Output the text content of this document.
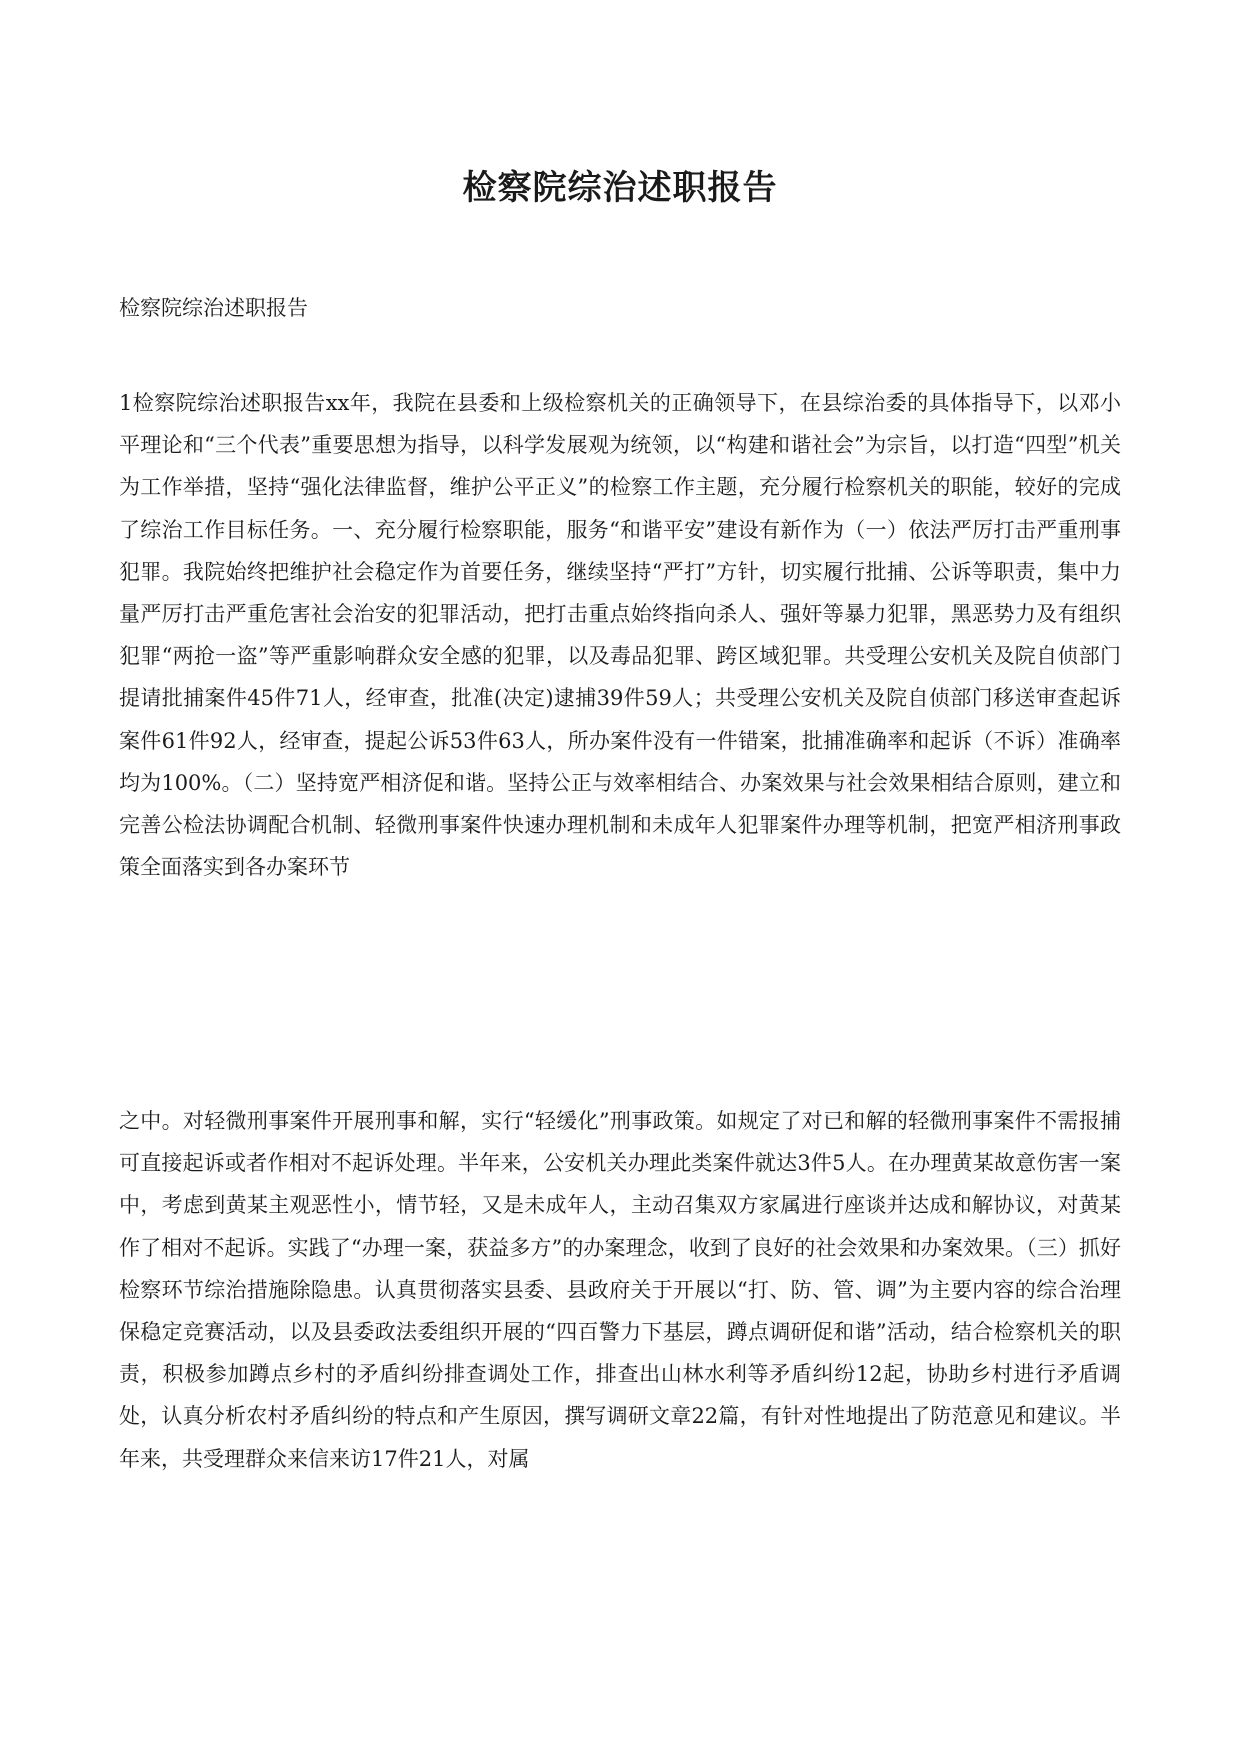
检察院综治述职报告

检察院综治述职报告

1检察院综治述职报告xx年，我院在县委和上级检察机关的正确领导下，在县综治委的具体指导下，以邓小平理论和“三个代表”重要思想为指导，以科学发展观为统领，以“构建和谐社会”为宗旨，以打造“四型”机关为工作举措，坚持“强化法律监督，维护公平正义”的检察工作主题，充分履行检察机关的职能，较好的完成了综治工作目标任务。一、充分履行检察职能，服务“和谐平安”建设有新作为（一）依法严厉打击严重刑事犯罪。我院始终把维护社会稳定作为首要任务，继续坚持“严打”方针，切实履行批捕、公诉等职责，集中力量严厉打击严重危害社会治安的犯罪活动，把打击重点始终指向杀人、强奸等暴力犯罪，黑恶势力及有组织犯罪“两抢一盗”等严重影响群众安全感的犯罪，以及毒品犯罪、跨区域犯罪。共受理公安机关及院自侦部门提请批捕案件45件71人，经审查，批准(决定)逮捕39件59人；共受理公安机关及院自侦部门移送审查起诉案件61件92人，经审查，提起公诉53件63人，所办案件没有一件错案，批捕准确率和起诉（不诉）准确率均为100%。（二）坚持宽严相济促和谐。坚持公正与效率相结合、办案效果与社会效果相结合原则，建立和完善公检法协调配合机制、轻微刑事案件快速办理机制和未成年人犯罪案件办理等机制，把宽严相济刑事政策全面落实到各办案环节

之中。对轻微刑事案件开展刑事和解，实行“轻缓化”刑事政策。如规定了对已和解的轻微刑事案件不需报捕可直接起诉或者作相对不起诉处理。半年来，公安机关办理此类案件就达3件5人。在办理黄某故意伤害一案中，考虑到黄某主观恶性小，情节轻，又是未成年人，主动召集双方家属进行座谈并达成和解协议，对黄某作了相对不起诉。实践了“办理一案，获益多方”的办案理念，收到了良好的社会效果和办案效果。（三）抓好检察环节综治措施除隐患。认真贯彻落实县委、县政府关于开展以“打、防、管、调”为主要内容的综合治理保稳定竞赛活动，以及县委政法委组织开展的“四百警力下基层，蹲点调研促和谐”活动，结合检察机关的职责，积极参加蹲点乡村的矛盾纠纷排查调处工作，排查出山林水利等矛盾纠纷12起，协助乡村进行矛盾调处，认真分析农村矛盾纠纷的特点和产生原因，撰写调研文章22篇，有针对性地提出了防范意见和建议。半年来，共受理群众来信来访17件21人，对属
